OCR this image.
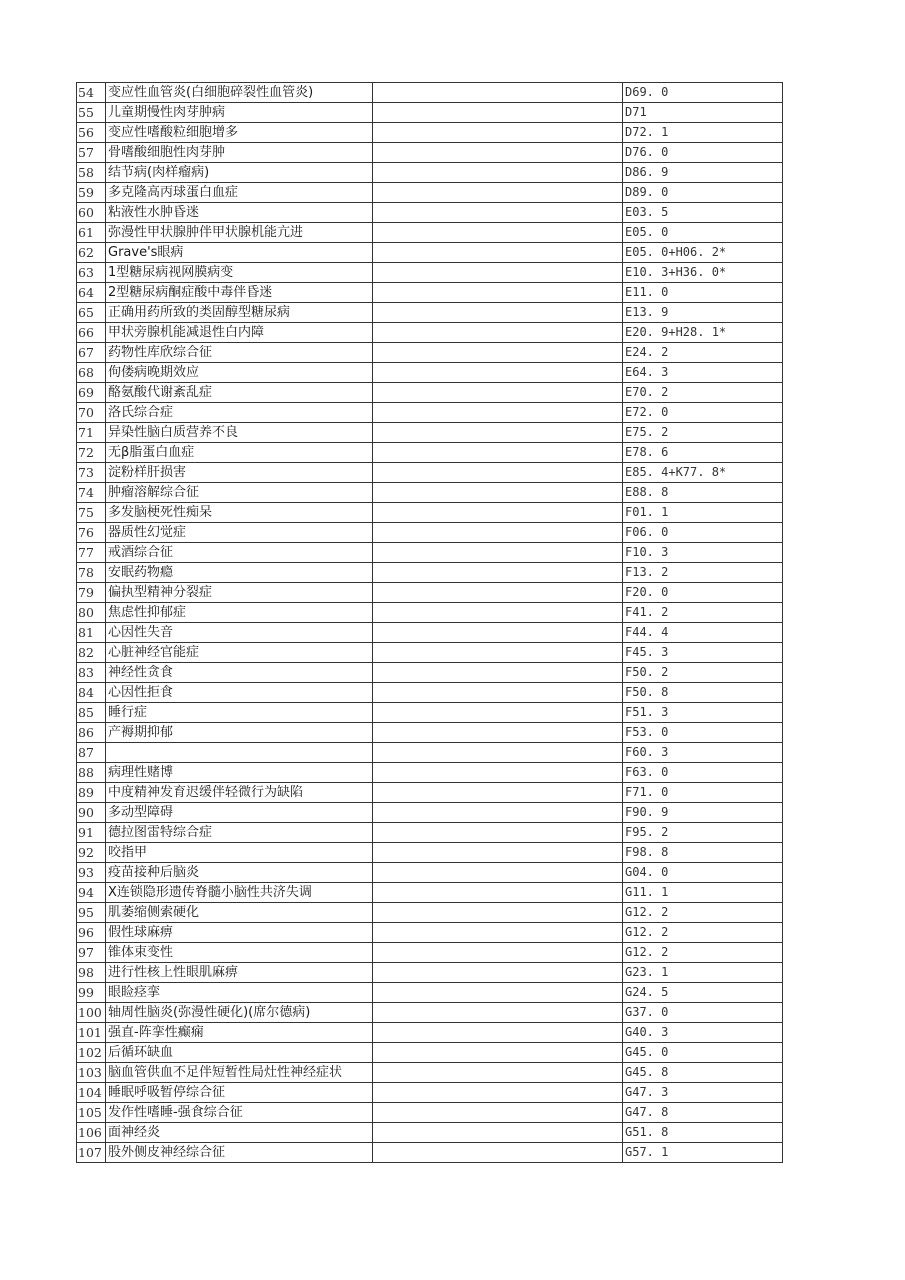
54	变应性血管炎(白细胞碎裂性血管炎)		D69. 0
55	儿童期慢性肉芽肿病		D71
56	变应性嗜酸粒细胞增多		D72. 1
57	骨嗜酸细胞性肉芽肿		D76. 0
58	结节病(肉样瘤病)		D86. 9
59	多克隆高丙球蛋白血症		D89. 0
60	粘液性水肿昏迷		E03. 5
61	弥漫性甲状腺肿伴甲状腺机能亢进		E05. 0
62	Grave's眼病		E05. 0+H06. 2*
63	1型糖尿病视网膜病变		E10. 3+H36. 0*
64	2型糖尿病酮症酸中毒伴昏迷		E11. 0
65	正确用药所致的类固醇型糖尿病		E13. 9
66	甲状旁腺机能减退性白内障		E20. 9+H28. 1*
67	药物性库欣综合征		E24. 2
68	佝偻病晚期效应		E64. 3
69	酪氨酸代谢紊乱症		E70. 2
70	洛氏综合症		E72. 0
71	异染性脑白质营养不良		E75. 2
72	无β脂蛋白血症		E78. 6
73	淀粉样肝损害		E85. 4+K77. 8*
74	肿瘤溶解综合征		E88. 8
75	多发脑梗死性痴呆		F01. 1
76	器质性幻觉症		F06. 0
77	戒酒综合征		F10. 3
78	安眠药物瘾		F13. 2
79	偏执型精神分裂症		F20. 0
80	焦虑性抑郁症		F41. 2
81	心因性失音		F44. 4
82	心脏神经官能症		F45. 3
83	神经性贪食		F50. 2
84	心因性拒食		F50. 8
85	睡行症		F51. 3
86	产褥期抑郁		F53. 0
87			F60. 3
88	病理性赌博		F63. 0
89	中度精神发育迟缓伴轻微行为缺陷		F71. 0
90	多动型障碍		F90. 9
91	德拉图雷特综合症		F95. 2
92	咬指甲		F98. 8
93	疫苗接种后脑炎		G04. 0
94	X连锁隐形遗传脊髓小脑性共济失调		G11. 1
95	肌萎缩侧索硬化		G12. 2
96	假性球麻痹		G12. 2
97	锥体束变性		G12. 2
98	进行性核上性眼肌麻痹		G23. 1
99	眼睑痉挛		G24. 5
100	轴周性脑炎(弥漫性硬化)(席尔德病)		G37. 0
101	强直-阵挛性癫痫		G40. 3
102	后循环缺血		G45. 0
103	脑血管供血不足伴短暂性局灶性神经症状		G45. 8
104	睡眠呼吸暂停综合征		G47. 3
105	发作性嗜睡-强食综合征		G47. 8
106	面神经炎		G51. 8
107	股外侧皮神经综合征		G57. 1
